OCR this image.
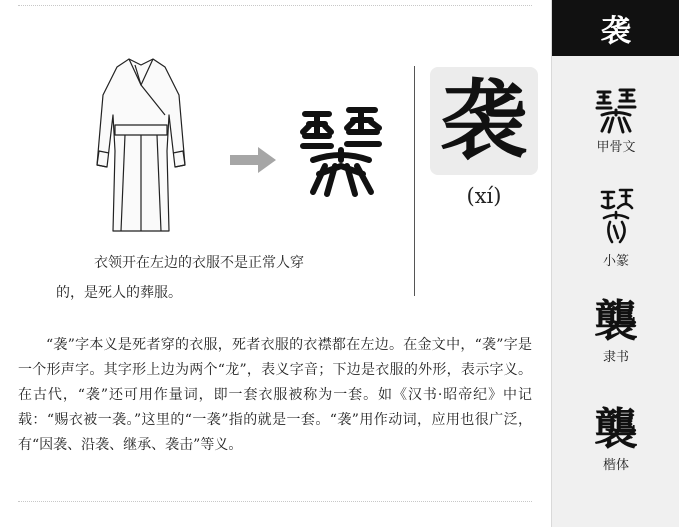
衣领开在左边的衣服不是正常人穿
的，是死人的葬服。
袭
(xí)

“袭”字本义是死者穿的衣服，死者衣服的衣襟都在左边。在金文中，“袭”字是一个形声字。其字形上边为两个“龙”，表义字音；下边是衣服的外形，表示字义。在古代，“袭”还可用作量词，即一套衣服被称为一套。如《汉书·昭帝纪》中记载：“赐衣被一袭。”这里的“一袭”指的就是一套。“袭”用作动词，应用也很广泛，有“因袭、沿袭、继承、袭击”等义。

袭
甲骨文
小篆
襲
隶书
襲
楷体
